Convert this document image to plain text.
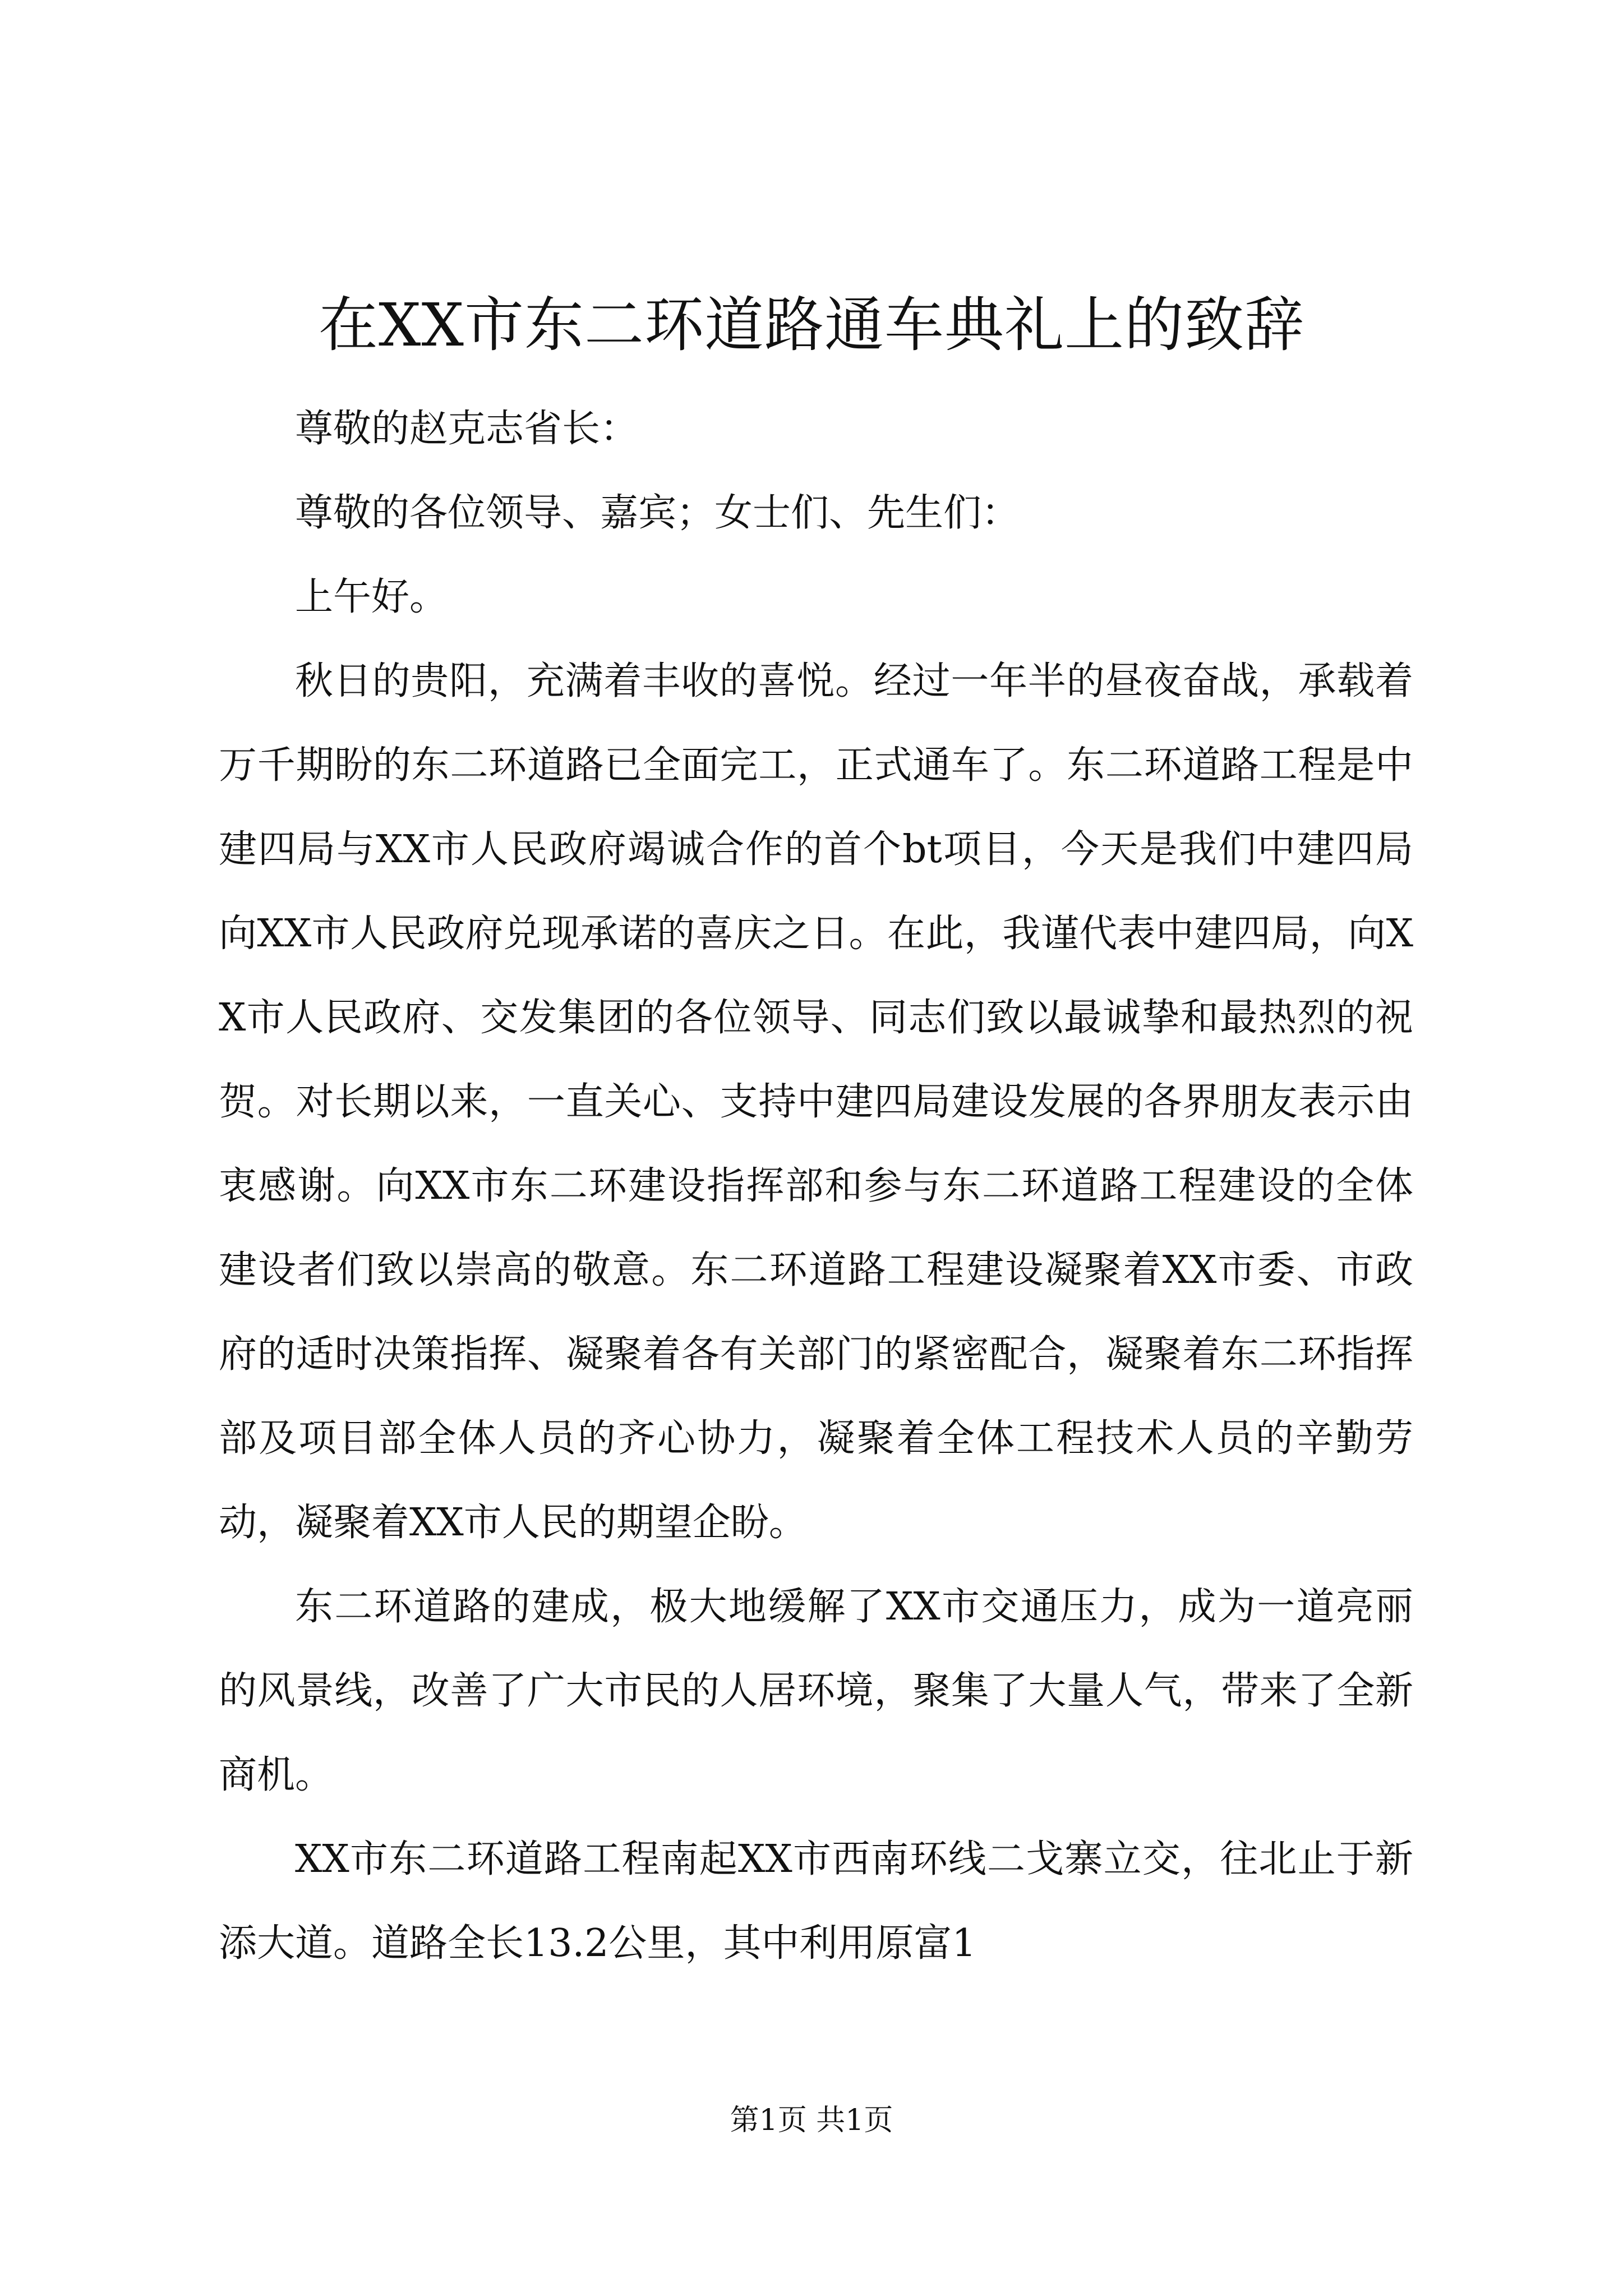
在XX市东二环道路通车典礼上的致辞

尊敬的赵克志省长：

尊敬的各位领导、嘉宾；女士们、先生们：

上午好。

秋日的贵阳，充满着丰收的喜悦。经过一年半的昼夜奋战，承载着万千期盼的东二环道路已全面完工，正式通车了。东二环道路工程是中建四局与XX市人民政府竭诚合作的首个bt项目，今天是我们中建四局向XX市人民政府兑现承诺的喜庆之日。在此，我谨代表中建四局，向XX市人民政府、交发集团的各位领导、同志们致以最诚挚和最热烈的祝贺。对长期以来，一直关心、支持中建四局建设发展的各界朋友表示由衷感谢。向XX市东二环建设指挥部和参与东二环道路工程建设的全体建设者们致以崇高的敬意。东二环道路工程建设凝聚着XX市委、市政府的适时决策指挥、凝聚着各有关部门的紧密配合，凝聚着东二环指挥部及项目部全体人员的齐心协力，凝聚着全体工程技术人员的辛勤劳动，凝聚着XX市人民的期望企盼。

东二环道路的建成，极大地缓解了XX市交通压力，成为一道亮丽的风景线，改善了广大市民的人居环境，聚集了大量人气，带来了全新商机。

XX市东二环道路工程南起XX市西南环线二戈寨立交，往北止于新添大道。道路全长13.2公里，其中利用原富1

第1页 共1页
